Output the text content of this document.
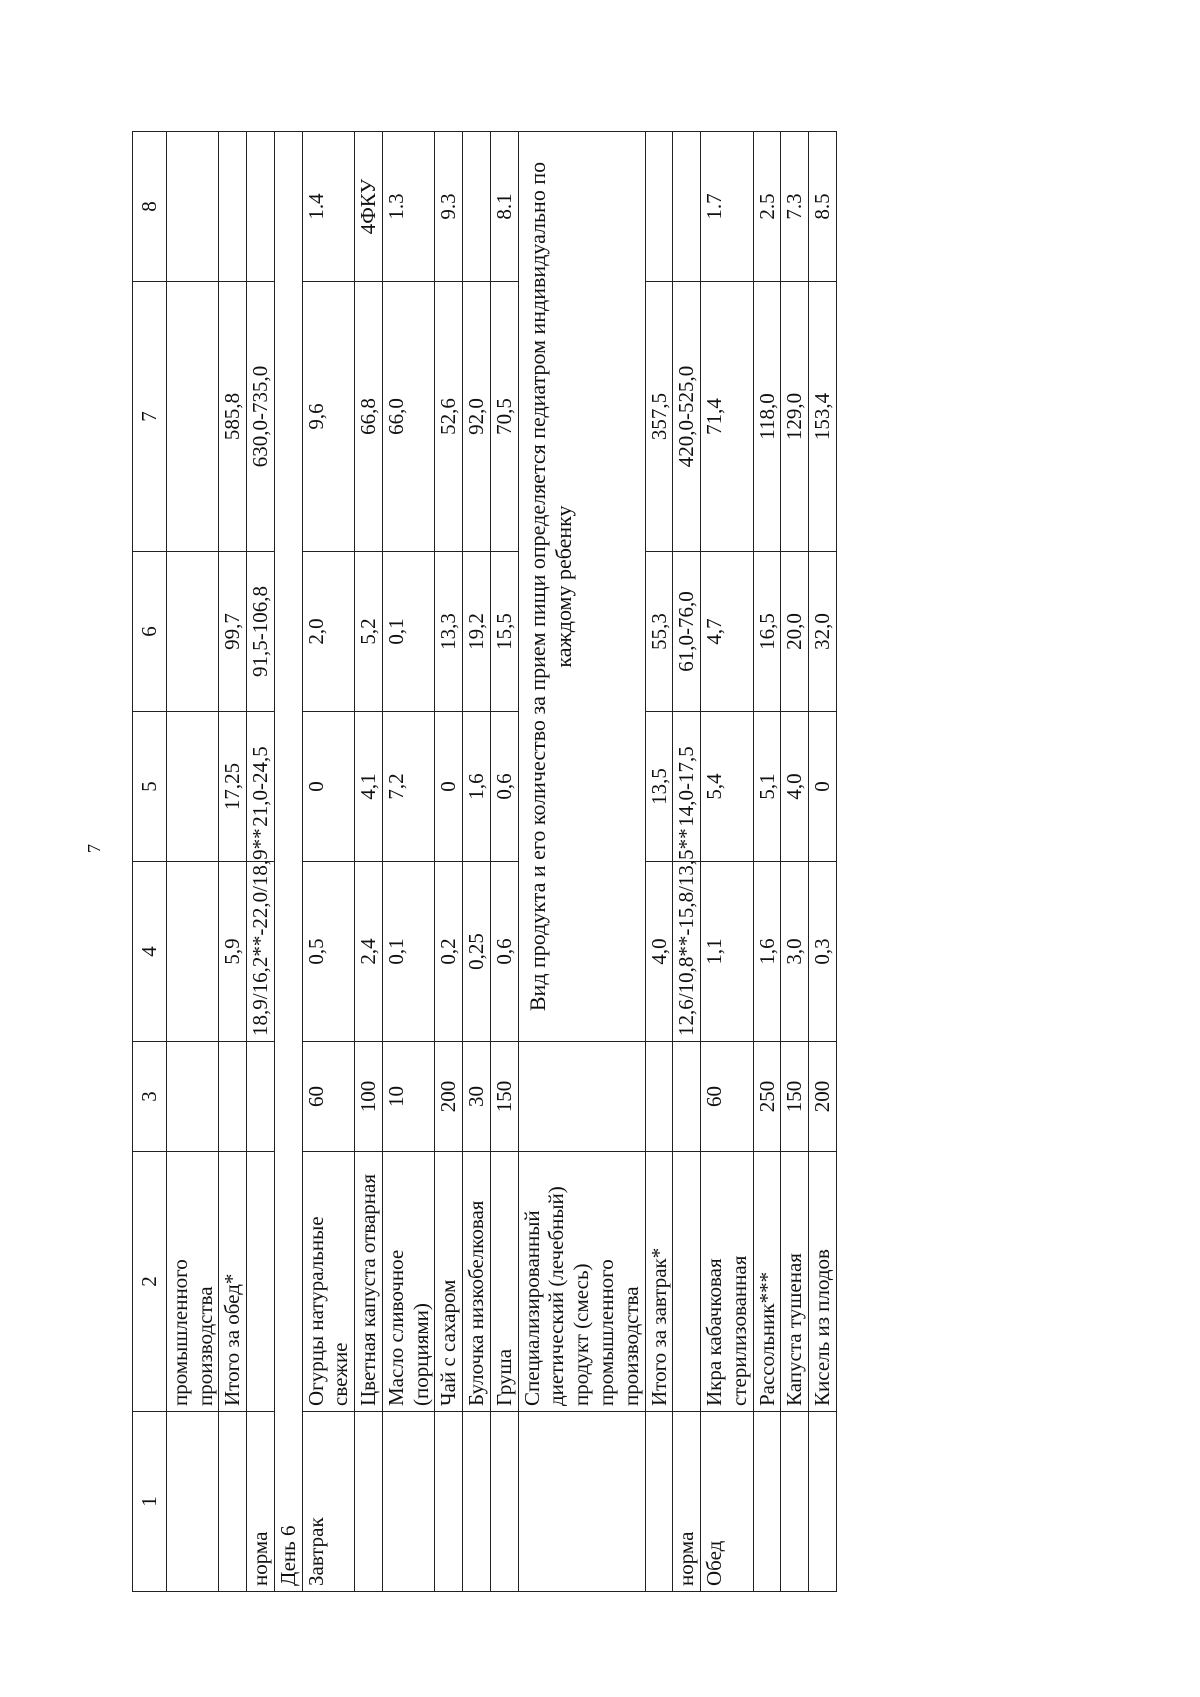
7
1	2	3	4	5	6	7	8
	промышленного производства						
	Итого за обед*		5,9	17,25	99,7	585,8	
норма			18,9/16,2**-22,0/18,9**	21,0-24,5	91,5-106,8	630,0-735,0	
День 6							
Завтрак	Огурцы натуральные свежие	60	0,5	0	2,0	9,6	1.4
	Цветная капуста отварная	100	2,4	4,1	5,2	66,8	4ФКУ
	Масло сливочное (порциями)	10	0,1	7,2	0,1	66,0	1.3
	Чай с сахаром	200	0,2	0	13,3	52,6	9.3
	Булочка низкобелковая	30	0,25	1,6	19,2	92,0	
	Груша	150	0,6	0,6	15,5	70,5	8.1
	Специализированный диетический (лечебный) продукт (смесь) промышленного производства		Вид продукта и его количество за прием пищи определяется педиатром индивидуально по каждому ребенку				
	Итого за завтрак*		4,0	13,5	55,3	357,5	
норма			12,6/10,8**-15,8/13,5**	14,0-17,5	61,0-76,0	420,0-525,0	
Обед	Икра кабачковая стерилизованная	60	1,1	5,4	4,7	71,4	1.7
	Рассольник***	250	1,6	5,1	16,5	118,0	2.5
	Капуста тушеная	150	3,0	4,0	20,0	129,0	7.3
	Кисель из плодов	200	0,3	0	32,0	153,4	8.5
